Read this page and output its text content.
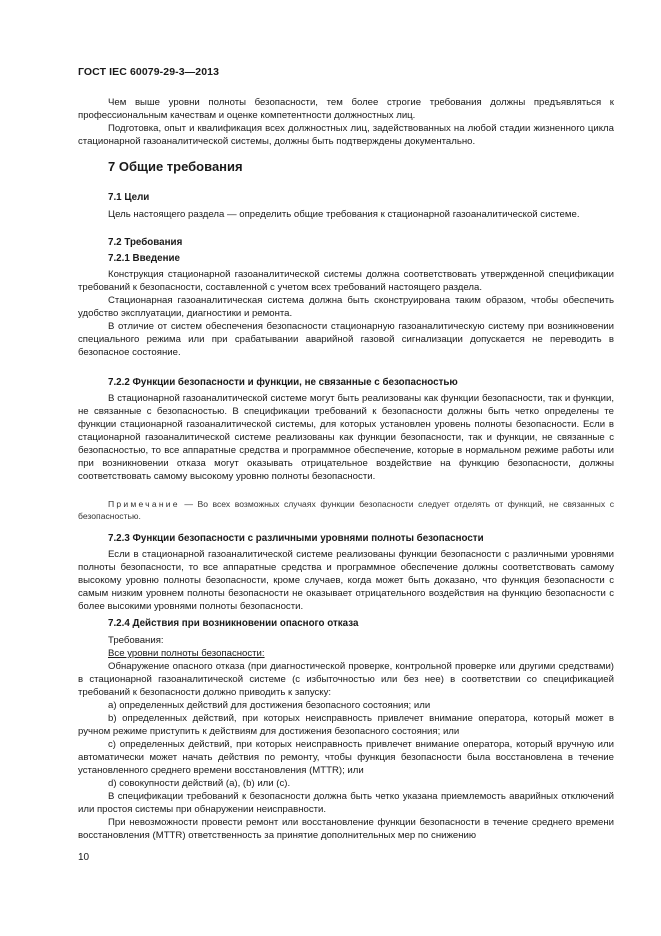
ГОСТ IEC 60079-29-3—2013

Чем выше уровни полноты безопасности, тем более строгие требования должны предъявляться к профессиональным качествам и оценке компетентности должностных лиц.

Подготовка, опыт и квалификация всех должностных лиц, задействованных на любой стадии жизненного цикла стационарной газоаналитической системы, должны быть подтверждены документально.

7 Общие требования

7.1 Цели

Цель настоящего раздела — определить общие требования к стационарной газоаналитической системе.

7.2 Требования

7.2.1 Введение

Конструкция стационарной газоаналитической системы должна соответствовать утвержденной спецификации требований к безопасности, составленной с учетом всех требований настоящего раздела.

Стационарная газоаналитическая система должна быть сконструирована таким образом, чтобы обеспечить удобство эксплуатации, диагностики и ремонта.

В отличие от систем обеспечения безопасности стационарную газоаналитическую систему при возникновении специального режима или при срабатывании аварийной газовой сигнализации допускается не переводить в безопасное состояние.

7.2.2 Функции безопасности и функции, не связанные с безопасностью

В стационарной газоаналитической системе могут быть реализованы как функции безопасности, так и функции, не связанные с безопасностью. В спецификации требований к безопасности должны быть четко определены те функции стационарной газоаналитической системы, для которых установлен уровень полноты безопасности. Если в стационарной газоаналитической системе реализованы как функции безопасности, так и функции, не связанные с безопасностью, то все аппаратные средства и программное обеспечение, которые в нормальном режиме работы или при возникновении отказа могут оказывать отрицательное воздействие на функцию безопасности, должны соответствовать самому высокому уровню полноты безопасности.

Примечание — Во всех возможных случаях функции безопасности следует отделять от функций, не связанных с безопасностью.

7.2.3 Функции безопасности с различными уровнями полноты безопасности

Если в стационарной газоаналитической системе реализованы функции безопасности с различными уровнями полноты безопасности, то все аппаратные средства и программное обеспечение должны соответствовать самому высокому уровню полноты безопасности, кроме случаев, когда может быть доказано, что функция безопасности с самым низким уровнем полноты безопасности не оказывает отрицательного воздействия на функцию безопасности с более высокими уровнями полноты безопасности.

7.2.4 Действия при возникновении опасного отказа

Требования:

Все уровни полноты безопасности:

Обнаружение опасного отказа (при диагностической проверке, контрольной проверке или другими средствами) в стационарной газоаналитической системе (с избыточностью или без нее) в соответствии со спецификацией требований к безопасности должно приводить к запуску:

a) определенных действий для достижения безопасного состояния; или

b) определенных действий, при которых неисправность привлечет внимание оператора, который может в ручном режиме приступить к действиям для достижения безопасного состояния; или

c) определенных действий, при которых неисправность привлечет внимание оператора, который вручную или автоматически может начать действия по ремонту, чтобы функция безопасности была восстановлена в течение установленного среднего времени восстановления (MTTR); или

d) совокупности действий (a), (b) или (c).

В спецификации требований к безопасности должна быть четко указана приемлемость аварийных отключений или простоя системы при обнаружении неисправности.

При невозможности провести ремонт или восстановление функции безопасности в течение среднего времени восстановления (MTTR) ответственность за принятие дополнительных мер по снижению

10
